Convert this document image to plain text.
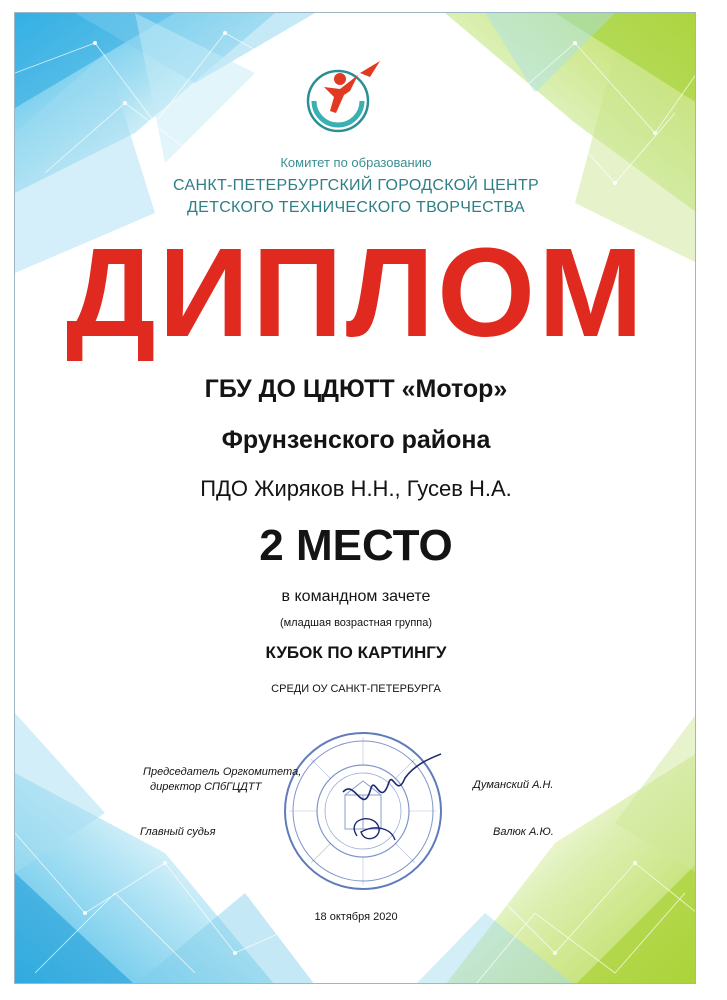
Комитет по образованию
САНКТ-ПЕТЕРБУРГСКИЙ ГОРОДСКОЙ ЦЕНТР
ДЕТСКОГО ТЕХНИЧЕСКОГО ТВОРЧЕСТВА
ДИПЛОМ
ГБУ ДО ЦДЮТТ «Мотор»
Фрунзенского района
ПДО Жиряков Н.Н., Гусев Н.А.
2 МЕСТО
в командном зачете
(младшая возрастная группа)
КУБОК ПО КАРТИНГУ
СРЕДИ ОУ САНКТ-ПЕТЕРБУРГА
Председатель Оргкомитета,
директор СПбГЦДТТ	Думанский А.Н.
Главный судья	Валюк А.Ю.
18 октября 2020
